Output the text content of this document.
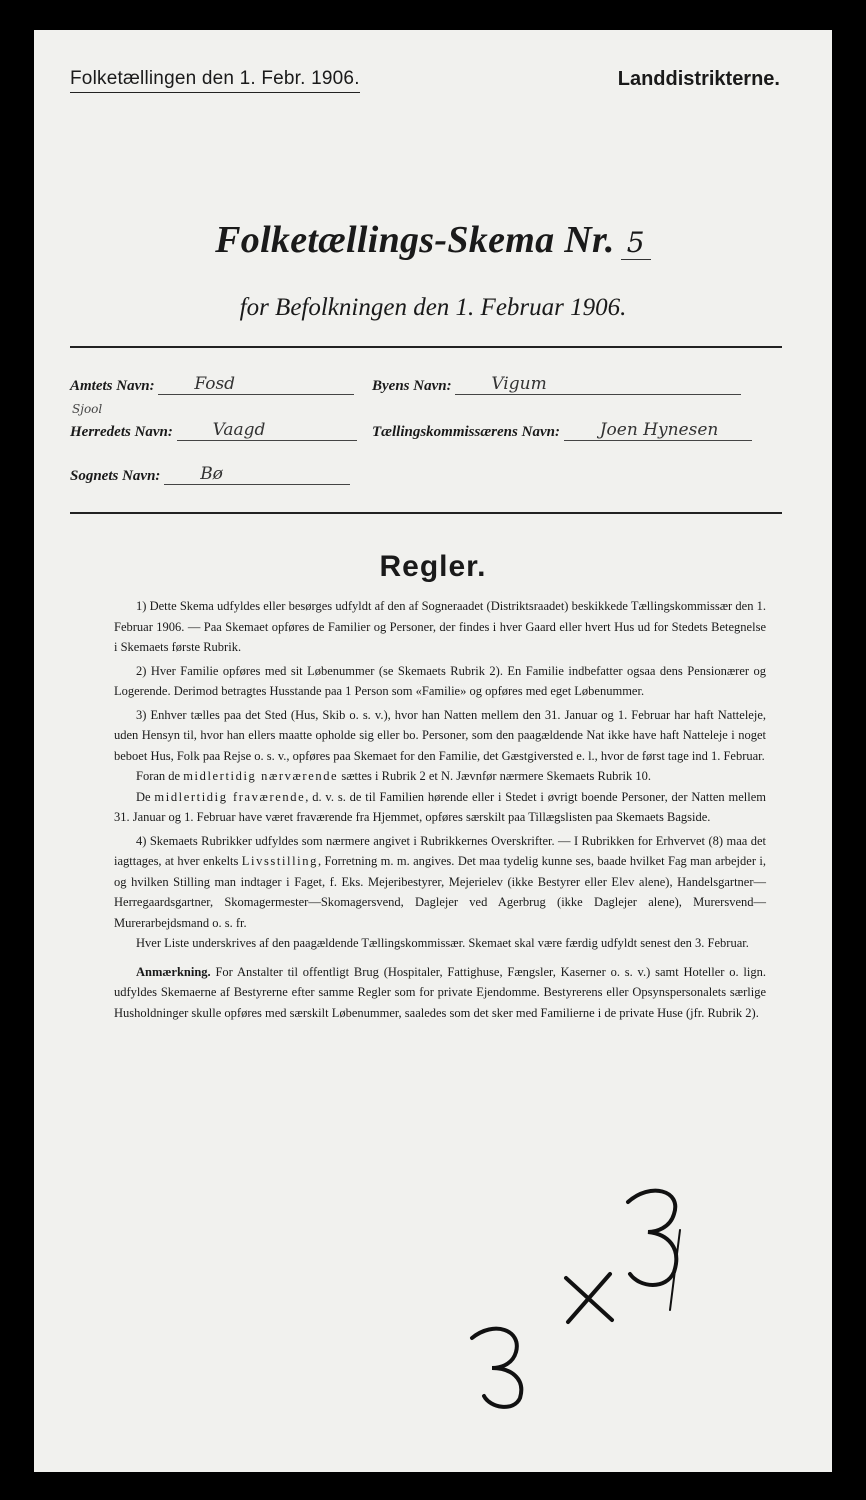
Folketællingen den 1. Febr. 1906.	Landdistrikterne.
Folketællings-Skema Nr. 5
for Befolkningen den 1. Februar 1906.
Amtets Navn: Fosd	Byens Navn: Vigum
Sjool
Herredets Navn: Vaagd	Tællingskommissærens Navn: Joen Hynesen
Sognets Navn: Bø
Regler.

1) Dette Skema udfyldes eller besørges udfyldt af den af Sogneraadet (Distriktsraadet) beskikkede Tællingskommissær den 1. Februar 1906. — Paa Skemaet opføres de Familier og Personer, der findes i hver Gaard eller hvert Hus ud for Stedets Betegnelse i Skemaets første Rubrik.

2) Hver Familie opføres med sit Løbenummer (se Skemaets Rubrik 2). En Familie indbefatter ogsaa dens Pensionærer og Logerende. Derimod betragtes Husstande paa 1 Person som «Familie» og opføres med eget Løbenummer.

3) Enhver tælles paa det Sted (Hus, Skib o. s. v.), hvor han Natten mellem den 31. Januar og 1. Februar har haft Natteleje, uden Hensyn til, hvor han ellers maatte opholde sig eller bo. Personer, som den paagældende Nat ikke have haft Natteleje i noget beboet Hus, Folk paa Rejse o. s. v., opføres paa Skemaet for den Familie, det Gæstgiversted e. l., hvor de først tage ind 1. Februar.

Foran de midlertidig nærværende sættes i Rubrik 2 et N. Jævnfør nærmere Skemaets Rubrik 10.

De midlertidig fraværende, d. v. s. de til Familien hørende eller i Stedet i øvrigt boende Personer, der Natten mellem 31. Januar og 1. Februar have været fraværende fra Hjemmet, opføres særskilt paa Tillægslisten paa Skemaets Bagside.

4) Skemaets Rubrikker udfyldes som nærmere angivet i Rubrikkernes Overskrifter. — I Rubrikken for Erhvervet (8) maa det iagttages, at hver enkelts Livsstilling, Forretning m. m. angives. Det maa tydelig kunne ses, baade hvilket Fag man arbejder i, og hvilken Stilling man indtager i Faget, f. Eks. Mejeribestyrer, Mejerielev (ikke Bestyrer eller Elev alene), Handelsgartner—Herregaardsgartner, Skomagermester—Skomagersvend, Daglejer ved Agerbrug (ikke Daglejer alene), Murersvend—Murerarbejdsmand o. s. fr.

Hver Liste underskrives af den paagældende Tællingskommissær. Skemaet skal være færdig udfyldt senest den 3. Februar.

Anmærkning. For Anstalter til offentligt Brug (Hospitaler, Fattighuse, Fængsler, Kaserner o. s. v.) samt Hoteller o. lign. udfyldes Skemaerne af Bestyrerne efter samme Regler som for private Ejendomme. Bestyrerens eller Opsynspersonalets særlige Husholdninger skulle opføres med særskilt Løbenummer, saaledes som det sker med Familierne i de private Huse (jfr. Rubrik 2).
